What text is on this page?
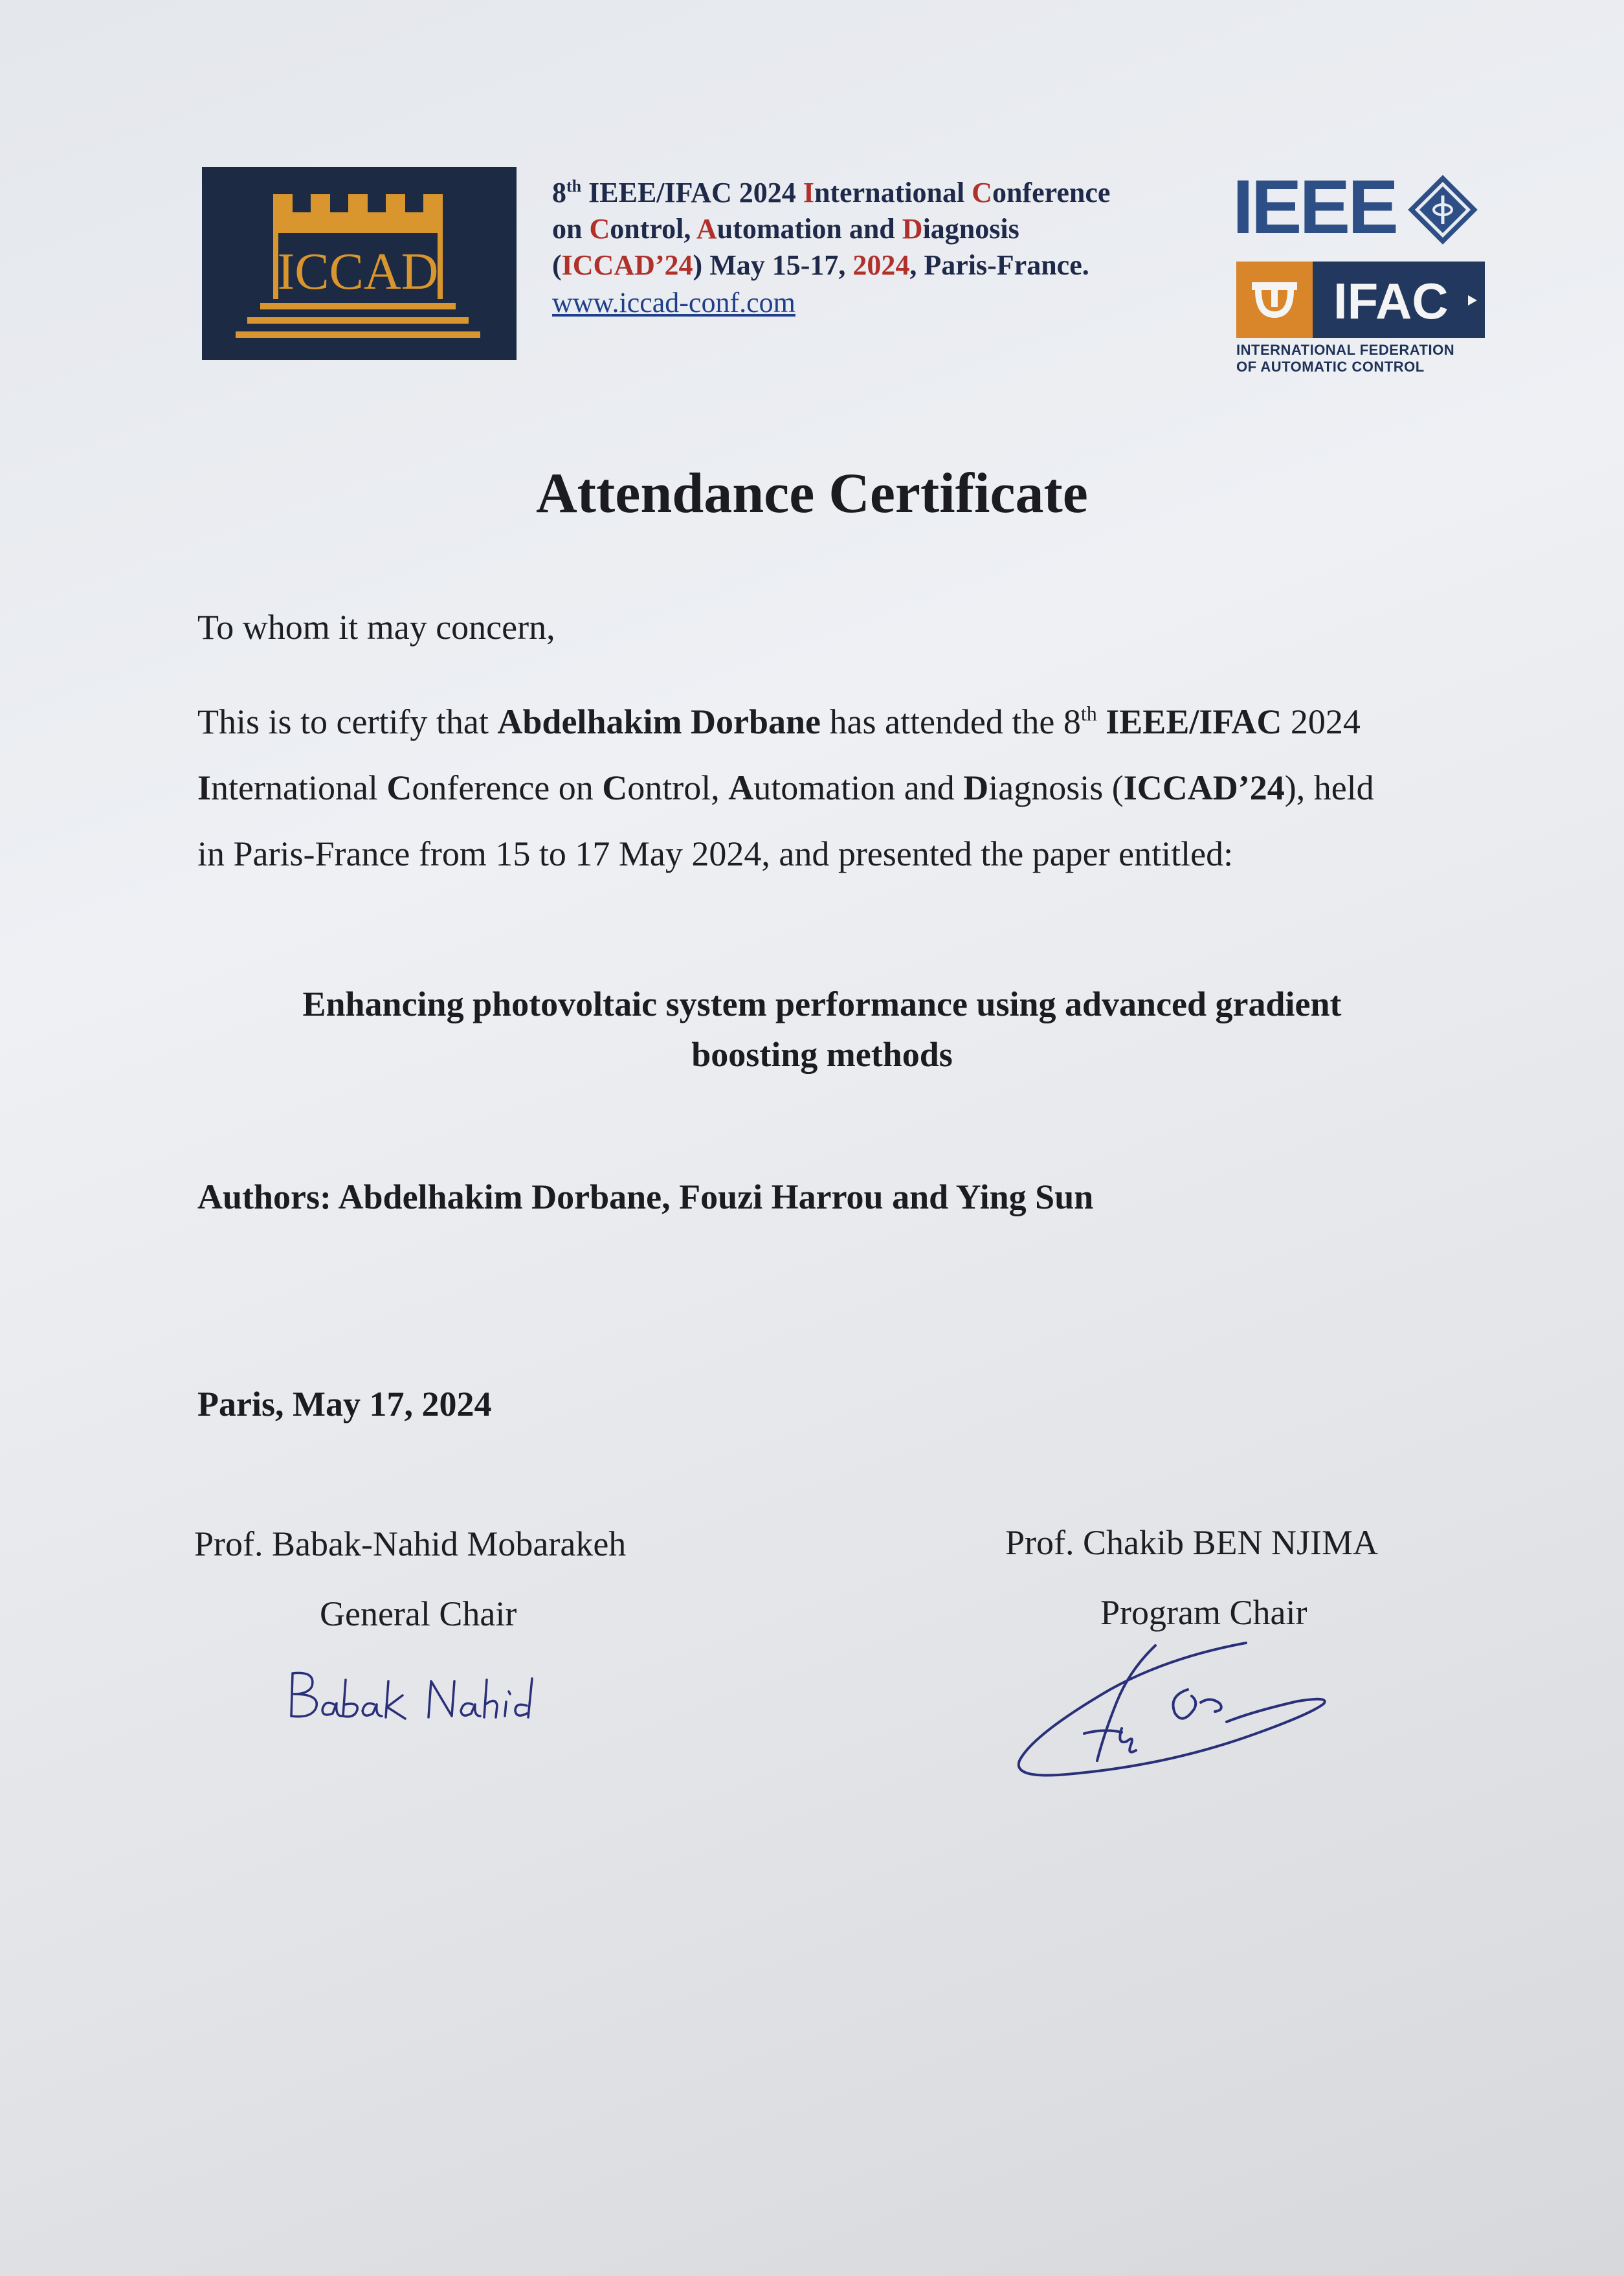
ICCAD
8th IEEE/IFAC 2024 International Conference
on Control, Automation and Diagnosis
(ICCAD’24) May 15-17, 2024, Paris-France.
www.iccad-conf.com
IEEE
IFAC
INTERNATIONAL FEDERATION
OF AUTOMATIC CONTROL
Attendance Certificate
To whom it may concern,
This is to certify that Abdelhakim Dorbane has attended the 8th IEEE/IFAC 2024
International Conference on Control, Automation and Diagnosis (ICCAD’24), held
in Paris-France from 15 to 17 May 2024, and presented the paper entitled:
Enhancing photovoltaic system performance using advanced gradient
boosting methods
Authors: Abdelhakim Dorbane, Fouzi Harrou and Ying Sun
Paris, May 17, 2024
Prof. Babak-Nahid Mobarakeh
General Chair
Prof. Chakib BEN NJIMA
Program Chair
